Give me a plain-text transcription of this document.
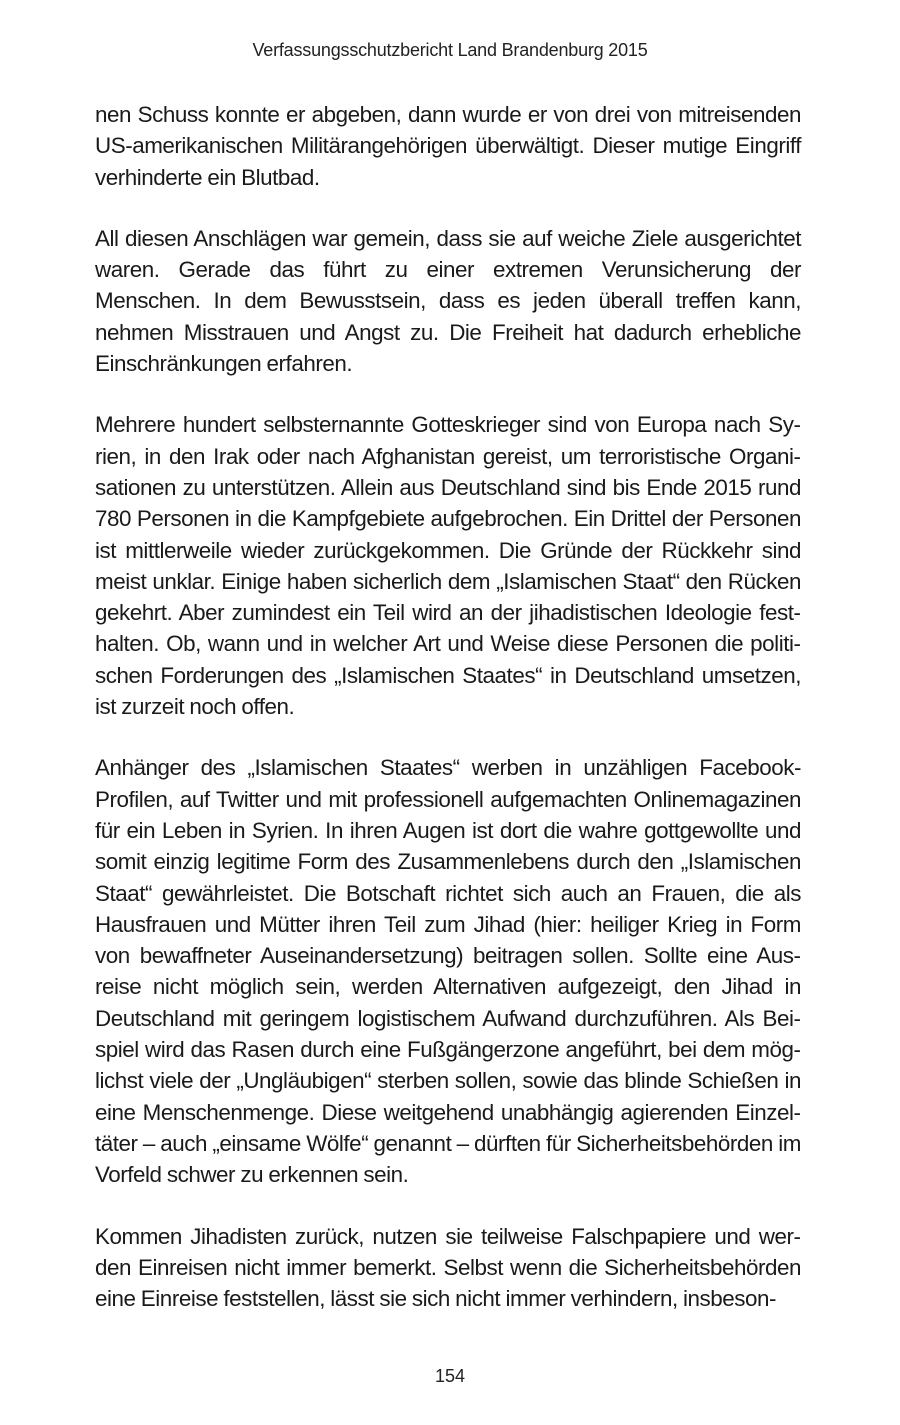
Verfassungsschutzbericht Land Brandenburg 2015

nen Schuss konnte er abgeben, dann wurde er von drei von mitreisenden US-amerikanischen Militärangehörigen überwältigt. Dieser mutige Eingriff verhinderte ein Blutbad.

All diesen Anschlägen war gemein, dass sie auf weiche Ziele ausgerichtet waren. Gerade das führt zu einer extremen Verunsicherung der Menschen. In dem Bewusstsein, dass es jeden überall treffen kann, nehmen Misstrauen und Angst zu. Die Freiheit hat dadurch erhebliche Einschränkungen erfahren.

Mehrere hundert selbsternannte Gotteskrieger sind von Europa nach Syrien, in den Irak oder nach Afghanistan gereist, um terroristische Organisationen zu unterstützen. Allein aus Deutschland sind bis Ende 2015 rund 780 Personen in die Kampfgebiete aufgebrochen. Ein Drittel der Personen ist mittlerweile wieder zurückgekommen. Die Gründe der Rückkehr sind meist unklar. Einige haben sicherlich dem „Islamischen Staat“ den Rücken gekehrt. Aber zumindest ein Teil wird an der jihadistischen Ideologie festhalten. Ob, wann und in welcher Art und Weise diese Personen die politischen Forderungen des „Islamischen Staates“ in Deutschland umsetzen, ist zurzeit noch offen.

Anhänger des „Islamischen Staates“ werben in unzähligen Facebook-Profilen, auf Twitter und mit professionell aufgemachten Onlinemagazinen für ein Leben in Syrien. In ihren Augen ist dort die wahre gottgewollte und somit einzig legitime Form des Zusammenlebens durch den „Islamischen Staat“ gewährleistet. Die Botschaft richtet sich auch an Frauen, die als Hausfrauen und Mütter ihren Teil zum Jihad (hier: heiliger Krieg in Form von bewaffneter Auseinandersetzung) beitragen sollen. Sollte eine Ausreise nicht möglich sein, werden Alternativen aufgezeigt, den Jihad in Deutschland mit geringem logistischem Aufwand durchzuführen. Als Beispiel wird das Rasen durch eine Fußgängerzone angeführt, bei dem möglichst viele der „Ungläubigen“ sterben sollen, sowie das blinde Schießen in eine Menschenmenge. Diese weitgehend unabhängig agierenden Einzeltäter – auch „einsame Wölfe“ genannt – dürften für Sicherheitsbehörden im Vorfeld schwer zu erkennen sein.

Kommen Jihadisten zurück, nutzen sie teilweise Falschpapiere und werden Einreisen nicht immer bemerkt. Selbst wenn die Sicherheitsbehörden eine Einreise feststellen, lässt sie sich nicht immer verhindern, insbeson-

154
